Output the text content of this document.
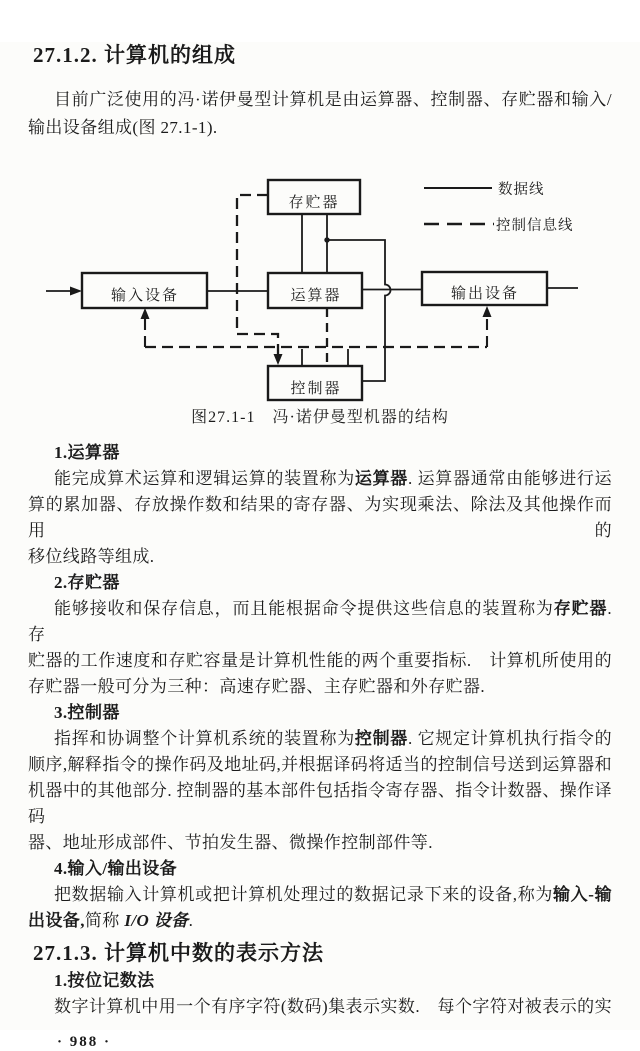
27.1.2. 计算机的组成
目前广泛使用的冯·诺伊曼型计算机是由运算器、控制器、存贮器和输入/
输出设备组成(图 27.1-1).
存贮器
输入设备	运算器	输出设备
控制器
数据线
控制信息线
图27.1-1　冯·诺伊曼型机器的结构
1.运算器
能完成算术运算和逻辑运算的装置称为运算器. 运算器通常由能够进行运
算的累加器、存放操作数和结果的寄存器、为实现乘法、除法及其他操作而用的
移位线路等组成.
2.存贮器
能够接收和保存信息，而且能根据命令提供这些信息的装置称为存贮器.存
贮器的工作速度和存贮容量是计算机性能的两个重要指标.　计算机所使用的
存贮器一般可分为三种：高速存贮器、主存贮器和外存贮器.
3.控制器
指挥和协调整个计算机系统的装置称为控制器. 它规定计算机执行指令的
顺序,解释指令的操作码及地址码,并根据译码将适当的控制信号送到运算器和
机器中的其他部分. 控制器的基本部件包括指令寄存器、指令计数器、操作译码
器、地址形成部件、节拍发生器、微操作控制部件等.
4.输入/输出设备
把数据输入计算机或把计算机处理过的数据记录下来的设备,称为输入-输
出设备,简称 I/O 设备.
27.1.3. 计算机中数的表示方法
1.按位记数法
数字计算机中用一个有序字符(数码)集表示实数.　每个字符对被表示的实
· 988 ·
